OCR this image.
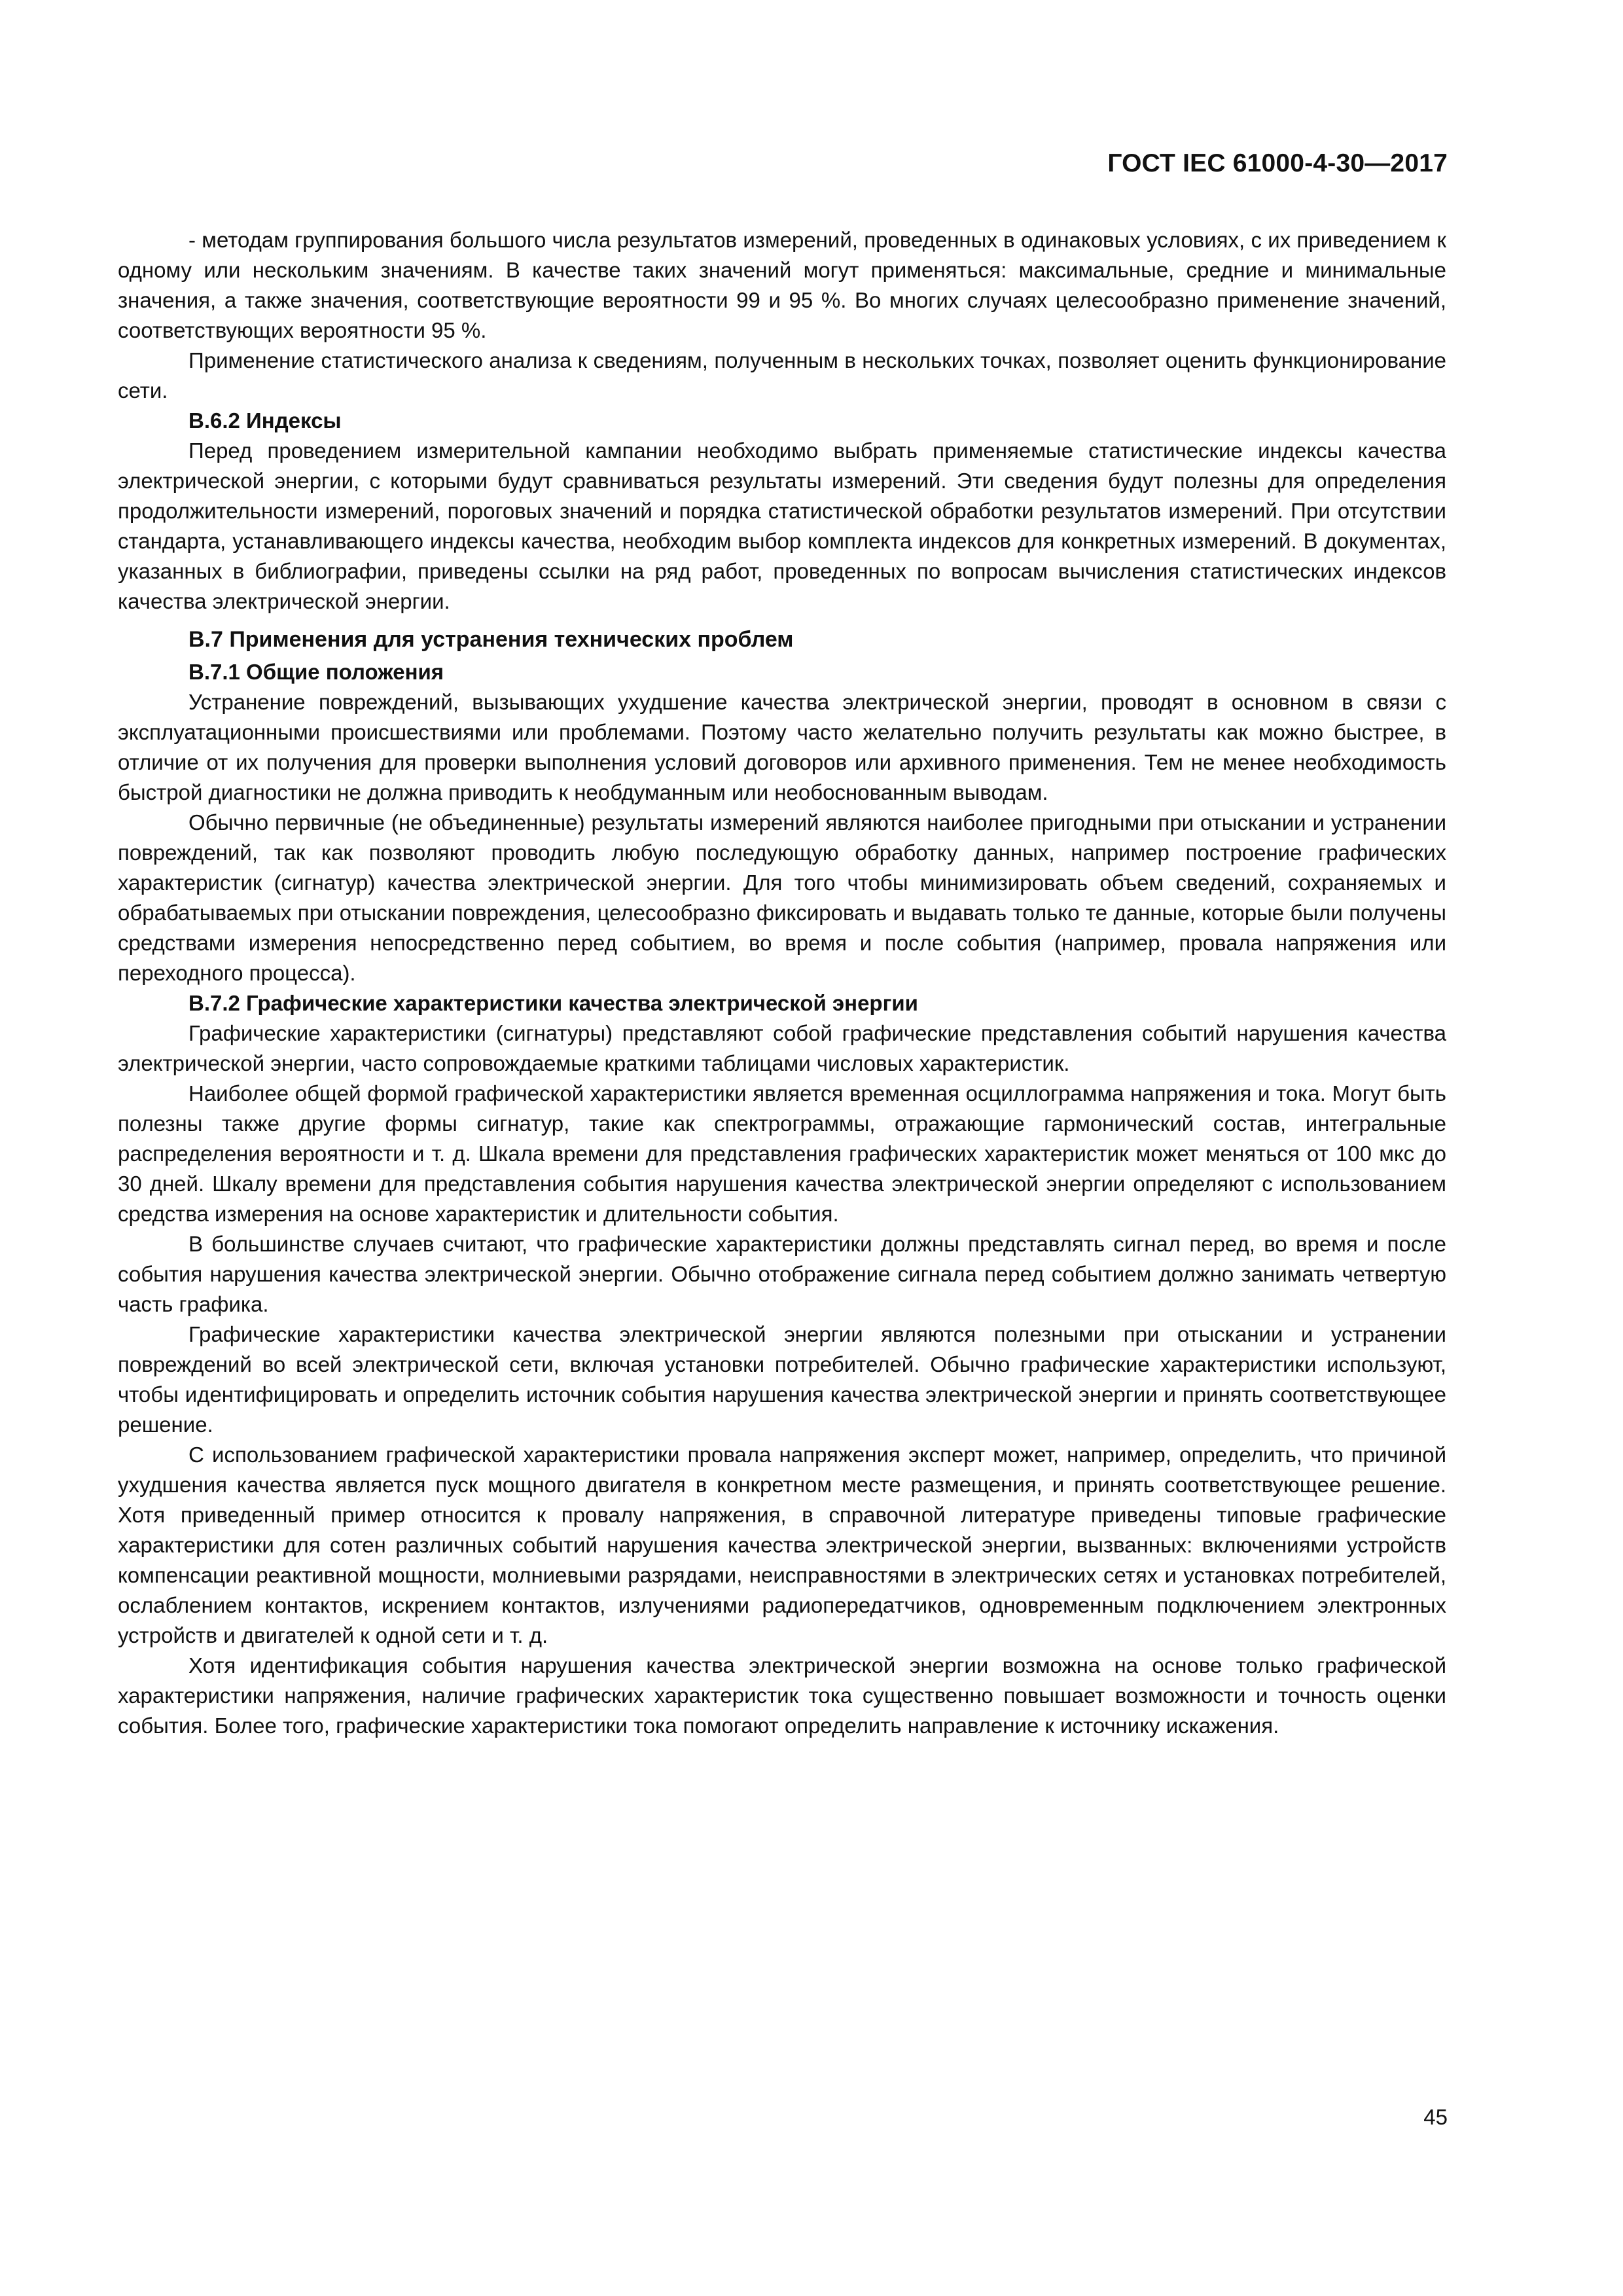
ГОСТ IEC 61000-4-30—2017

- методам группирования большого числа результатов измерений, проведенных в одинаковых условиях, с их приведением к одному или нескольким значениям. В качестве таких значений могут применяться: максимальные, средние и минимальные значения, а также значения, соответствующие вероятности 99 и 95 %. Во многих случаях целесообразно применение значений, соответствующих вероятности 95 %.

Применение статистического анализа к сведениям, полученным в нескольких точках, позволяет оценить функционирование сети.

В.6.2 Индексы

Перед проведением измерительной кампании необходимо выбрать применяемые статистические индексы качества электрической энергии, с которыми будут сравниваться результаты измерений. Эти сведения будут полезны для определения продолжительности измерений, пороговых значений и порядка статистической обработки результатов измерений. При отсутствии стандарта, устанавливающего индексы качества, необходим выбор комплекта индексов для конкретных измерений. В документах, указанных в библиографии, приведены ссылки на ряд работ, проведенных по вопросам вычисления статистических индексов качества электрической энергии.

В.7 Применения для устранения технических проблем
В.7.1 Общие положения

Устранение повреждений, вызывающих ухудшение качества электрической энергии, проводят в основном в связи с эксплуатационными происшествиями или проблемами. Поэтому часто желательно получить результаты как можно быстрее, в отличие от их получения для проверки выполнения условий договоров или архивного применения. Тем не менее необходимость быстрой диагностики не должна приводить к необдуманным или необоснованным выводам.

Обычно первичные (не объединенные) результаты измерений являются наиболее пригодными при отыскании и устранении повреждений, так как позволяют проводить любую последующую обработку данных, например построение графических характеристик (сигнатур) качества электрической энергии. Для того чтобы минимизировать объем сведений, сохраняемых и обрабатываемых при отыскании повреждения, целесообразно фиксировать и выдавать только те данные, которые были получены средствами измерения непосредственно перед событием, во время и после события (например, провала напряжения или переходного процесса).

В.7.2 Графические характеристики качества электрической энергии

Графические характеристики (сигнатуры) представляют собой графические представления событий нарушения качества электрической энергии, часто сопровождаемые краткими таблицами числовых характеристик.

Наиболее общей формой графической характеристики является временная осциллограмма напряжения и тока. Могут быть полезны также другие формы сигнатур, такие как спектрограммы, отражающие гармонический состав, интегральные распределения вероятности и т. д. Шкала времени для представления графических характеристик может меняться от 100 мкс до 30 дней. Шкалу времени для представления события нарушения качества электрической энергии определяют с использованием средства измерения на основе характеристик и длительности события.

В большинстве случаев считают, что графические характеристики должны представлять сигнал перед, во время и после события нарушения качества электрической энергии. Обычно отображение сигнала перед событием должно занимать четвертую часть графика.

Графические характеристики качества электрической энергии являются полезными при отыскании и устранении повреждений во всей электрической сети, включая установки потребителей. Обычно графические характеристики используют, чтобы идентифицировать и определить источник события нарушения качества электрической энергии и принять соответствующее решение.

С использованием графической характеристики провала напряжения эксперт может, например, определить, что причиной ухудшения качества является пуск мощного двигателя в конкретном месте размещения, и принять соответствующее решение. Хотя приведенный пример относится к провалу напряжения, в справочной литературе приведены типовые графические характеристики для сотен различных событий нарушения качества электрической энергии, вызванных: включениями устройств компенсации реактивной мощности, молниевыми разрядами, неисправностями в электрических сетях и установках потребителей, ослаблением контактов, искрением контактов, излучениями радиопередатчиков, одновременным подключением электронных устройств и двигателей к одной сети и т. д.

Хотя идентификация события нарушения качества электрической энергии возможна на основе только графической характеристики напряжения, наличие графических характеристик тока существенно повышает возможности и точность оценки события. Более того, графические характеристики тока помогают определить направление к источнику искажения.

45
